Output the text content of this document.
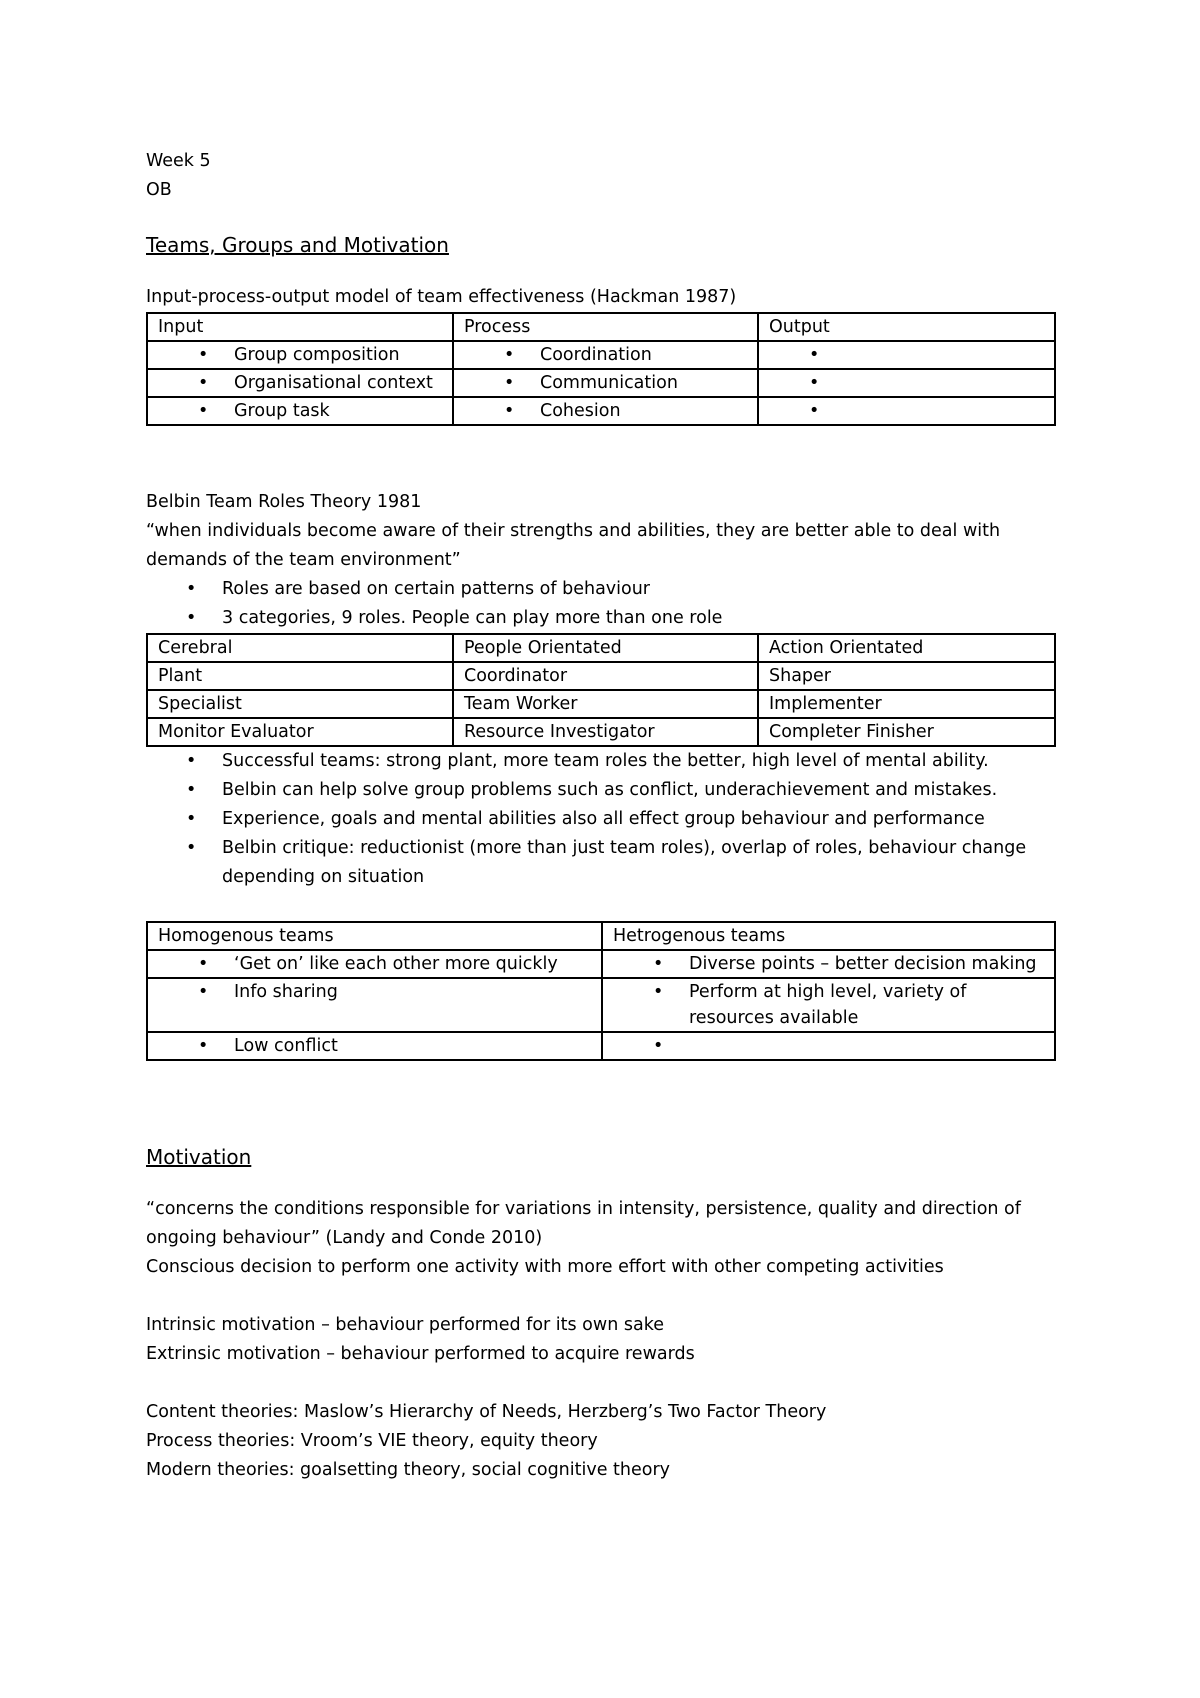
Week 5
OB
Teams, Groups and Motivation
Input-process-output model of team effectiveness (Hackman 1987)
Input	Process	Output
• Group composition	• Coordination	•
• Organisational context	• Communication	•
• Group task	• Cohesion	•
Belbin Team Roles Theory 1981
“when individuals become aware of their strengths and abilities, they are better able to deal with
demands of the team environment”
•	Roles are based on certain patterns of behaviour
•	3 categories, 9 roles. People can play more than one role
Cerebral	People Orientated	Action Orientated
Plant	Coordinator	Shaper
Specialist	Team Worker	Implementer
Monitor Evaluator	Resource Investigator	Completer Finisher
•	Successful teams: strong plant, more team roles the better, high level of mental ability.
•	Belbin can help solve group problems such as conflict, underachievement and mistakes.
•	Experience, goals and mental abilities also all effect group behaviour and performance
•	Belbin critique: reductionist (more than just team roles), overlap of roles, behaviour change depending on situation
Homogenous teams	Hetrogenous teams

• ‘Get on’ like each other more quickly	• Diverse points – better decision making

• Info sharing	• Perform at high level, variety of resources available

• Low conflict	•
Motivation
“concerns the conditions responsible for variations in intensity, persistence, quality and direction of
ongoing behaviour” (Landy and Conde 2010)
Conscious decision to perform one activity with more effort with other competing activities
Intrinsic motivation – behaviour performed for its own sake
Extrinsic motivation – behaviour performed to acquire rewards
Content theories: Maslow’s Hierarchy of Needs, Herzberg’s Two Factor Theory
Process theories: Vroom’s VIE theory, equity theory
Modern theories: goalsetting theory, social cognitive theory
